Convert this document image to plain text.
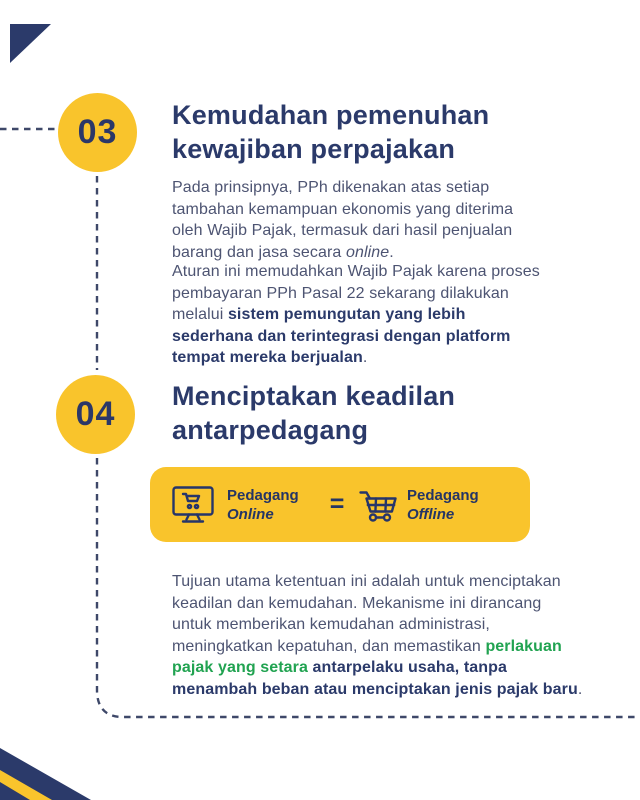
03 Kemudahan pemenuhan
kewajiban perpajakan
Pada prinsipnya, PPh dikenakan atas setiap
tambahan kemampuan ekonomis yang diterima
oleh Wajib Pajak, termasuk dari hasil penjualan
barang dan jasa secara online.
Aturan ini memudahkan Wajib Pajak karena proses
pembayaran PPh Pasal 22 sekarang dilakukan
melalui sistem pemungutan yang lebih
sederhana dan terintegrasi dengan platform
tempat mereka berjualan.
04 Menciptakan keadilan
antarpedagang
Pedagang
Online	=	Pedagang
Offline
Tujuan utama ketentuan ini adalah untuk menciptakan
keadilan dan kemudahan. Mekanisme ini dirancang
untuk memberikan kemudahan administrasi,
meningkatkan kepatuhan, dan memastikan perlakuan
pajak yang setara antarpelaku usaha, tanpa
menambah beban atau menciptakan jenis pajak baru.
